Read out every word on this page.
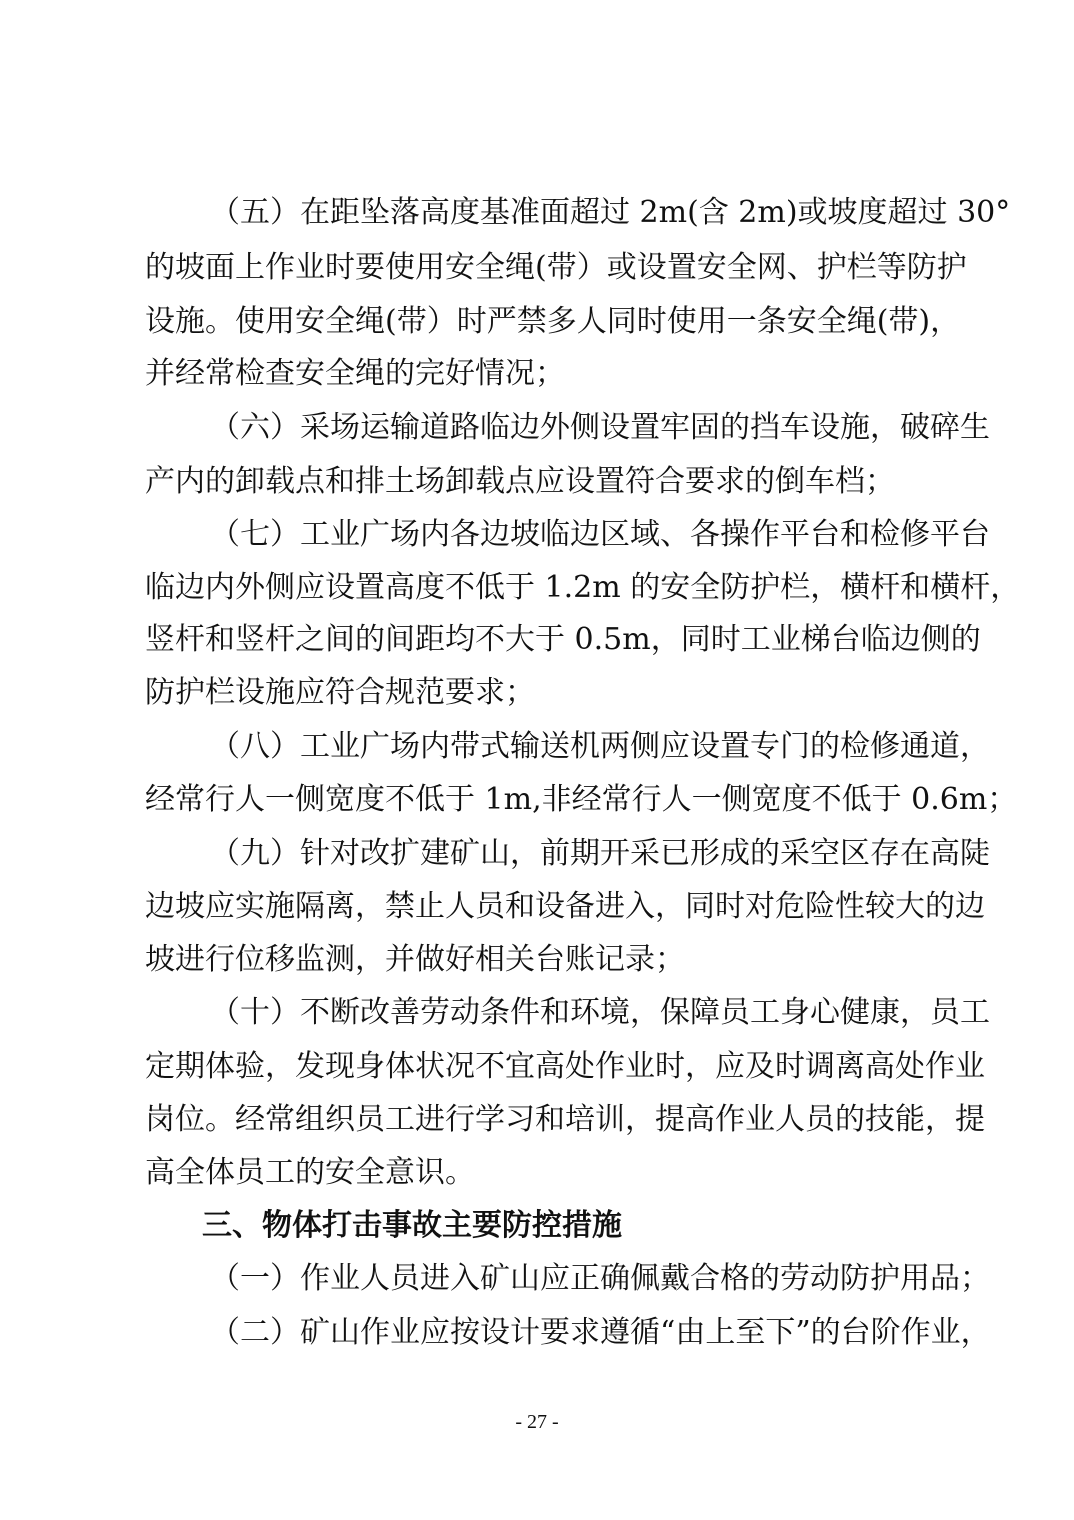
（五）在距坠落高度基准面超过 2m(含 2m)或坡度超过 30°
的坡面上作业时要使用安全绳(带）或设置安全网、护栏等防护
设施。使用安全绳(带）时严禁多人同时使用一条安全绳(带)，
并经常检查安全绳的完好情况；
（六）采场运输道路临边外侧设置牢固的挡车设施，破碎生
产内的卸载点和排土场卸载点应设置符合要求的倒车档；
（七）工业广场内各边坡临边区域、各操作平台和检修平台
临边内外侧应设置高度不低于 1.2m 的安全防护栏，横杆和横杆，
竖杆和竖杆之间的间距均不大于 0.5m，同时工业梯台临边侧的
防护栏设施应符合规范要求；
（八）工业广场内带式输送机两侧应设置专门的检修通道，
经常行人一侧宽度不低于 1m,非经常行人一侧宽度不低于 0.6m；
（九）针对改扩建矿山，前期开采已形成的采空区存在高陡
边坡应实施隔离，禁止人员和设备进入，同时对危险性较大的边
坡进行位移监测，并做好相关台账记录；
（十）不断改善劳动条件和环境，保障员工身心健康，员工
定期体验，发现身体状况不宜高处作业时，应及时调离高处作业
岗位。经常组织员工进行学习和培训，提高作业人员的技能，提
高全体员工的安全意识。
三、物体打击事故主要防控措施
（一）作业人员进入矿山应正确佩戴合格的劳动防护用品；
（二）矿山作业应按设计要求遵循“由上至下”的台阶作业，
- 27 -
